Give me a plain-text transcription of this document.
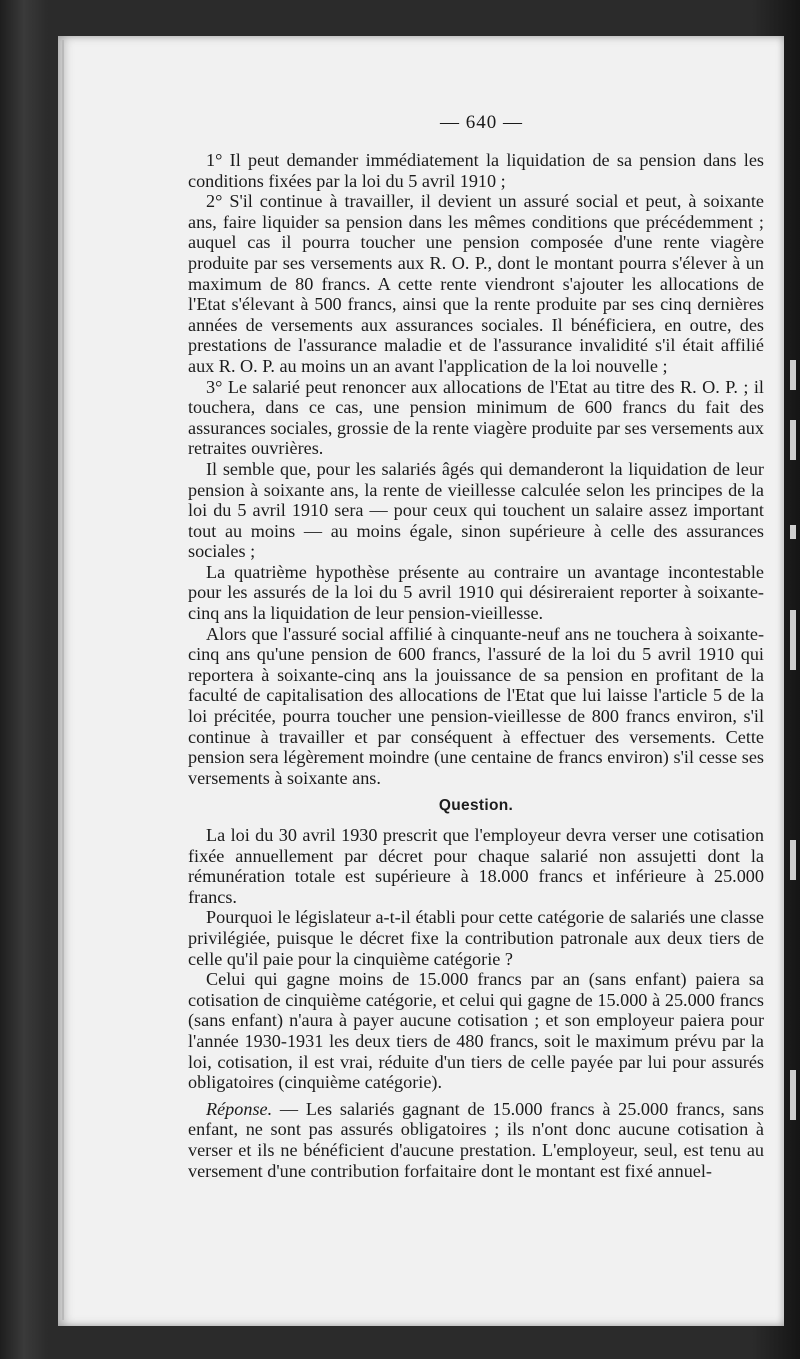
— 640 —

1° Il peut demander immédiatement la liquidation de sa pension dans les conditions fixées par la loi du 5 avril 1910 ;

2° S'il continue à travailler, il devient un assuré social et peut, à soixante ans, faire liquider sa pension dans les mêmes conditions que précédemment ; auquel cas il pourra toucher une pension composée d'une rente viagère produite par ses versements aux R. O. P., dont le montant pourra s'élever à un maximum de 80 francs. A cette rente viendront s'ajouter les allocations de l'Etat s'élevant à 500 francs, ainsi que la rente produite par ses cinq dernières années de versements aux assurances sociales. Il bénéficiera, en outre, des prestations de l'assurance maladie et de l'assurance invalidité s'il était affilié aux R. O. P. au moins un an avant l'application de la loi nouvelle ;

3° Le salarié peut renoncer aux allocations de l'Etat au titre des R. O. P. ; il touchera, dans ce cas, une pension minimum de 600 francs du fait des assurances sociales, grossie de la rente viagère produite par ses versements aux retraites ouvrières.

Il semble que, pour les salariés âgés qui demanderont la liquidation de leur pension à soixante ans, la rente de vieillesse calculée selon les principes de la loi du 5 avril 1910 sera — pour ceux qui touchent un salaire assez important tout au moins — au moins égale, sinon supérieure à celle des assurances sociales ;

La quatrième hypothèse présente au contraire un avantage incontestable pour les assurés de la loi du 5 avril 1910 qui désireraient reporter à soixante-cinq ans la liquidation de leur pension-vieillesse.

Alors que l'assuré social affilié à cinquante-neuf ans ne touchera à soixante-cinq ans qu'une pension de 600 francs, l'assuré de la loi du 5 avril 1910 qui reportera à soixante-cinq ans la jouissance de sa pension en profitant de la faculté de capitalisation des allocations de l'Etat que lui laisse l'article 5 de la loi précitée, pourra toucher une pension-vieillesse de 800 francs environ, s'il continue à travailler et par conséquent à effectuer des versements. Cette pension sera légèrement moindre (une centaine de francs environ) s'il cesse ses versements à soixante ans.

Question.

La loi du 30 avril 1930 prescrit que l'employeur devra verser une cotisation fixée annuellement par décret pour chaque salarié non assujetti dont la rémunération totale est supérieure à 18.000 francs et inférieure à 25.000 francs.

Pourquoi le législateur a-t-il établi pour cette catégorie de salariés une classe privilégiée, puisque le décret fixe la contribution patronale aux deux tiers de celle qu'il paie pour la cinquième catégorie ?

Celui qui gagne moins de 15.000 francs par an (sans enfant) paiera sa cotisation de cinquième catégorie, et celui qui gagne de 15.000 à 25.000 francs (sans enfant) n'aura à payer aucune cotisation ; et son employeur paiera pour l'année 1930-1931 les deux tiers de 480 francs, soit le maximum prévu par la loi, cotisation, il est vrai, réduite d'un tiers de celle payée par lui pour assurés obligatoires (cinquième catégorie).

Réponse. — Les salariés gagnant de 15.000 francs à 25.000 francs, sans enfant, ne sont pas assurés obligatoires ; ils n'ont donc aucune cotisation à verser et ils ne bénéficient d'aucune prestation. L'employeur, seul, est tenu au versement d'une contribution forfaitaire dont le montant est fixé annuel-
